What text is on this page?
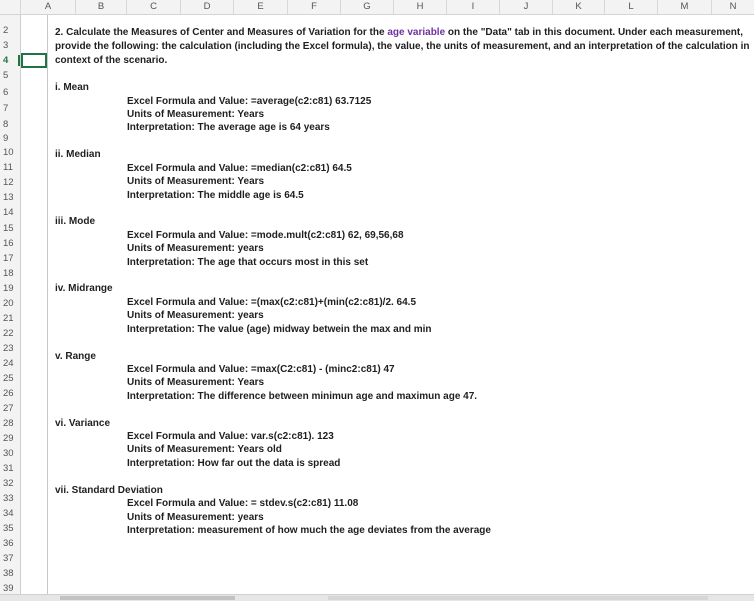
A	B	C	D	E	F	G	H	I	J	K	L	M	N
2
3
4
5
6
7
8
9
10
11
12
13
14
15
16
17
18
19
20
21
22
23
24
25
26
27
28
29
30
31
32
33
34
35
36
37
38
39
2. Calculate the Measures of Center and Measures of Variation for the age variable on the "Data" tab in this document. Under each measurement,
provide the following: the calculation (including the Excel formula), the value, the units of measurement, and an interpretation of the calculation in
context of the scenario.
i. Mean
Excel Formula and Value: =average(c2:c81) 63.7125
Units of Measurement: Years
Interpretation: The average age is 64 years
ii. Median
Excel Formula and Value: =median(c2:c81) 64.5
Units of Measurement: Years
Interpretation: The middle age is 64.5
iii. Mode
Excel Formula and Value: =mode.mult(c2:c81) 62, 69,56,68
Units of Measurement: years
Interpretation: The age that occurs most in this set
iv. Midrange
Excel Formula and Value: =(max(c2:c81)+(min(c2:c81)/2. 64.5
Units of Measurement: years
Interpretation: The value (age) midway betwein the max and min
v. Range
Excel Formula and Value: =max(C2:c81) - (minc2:c81) 47
Units of Measurement: Years
Interpretation: The difference between minimun age and maximun age 47.
vi. Variance
Excel Formula and Value: var.s(c2:c81). 123
Units of Measurement: Years old
Interpretation: How far out the data is spread
vii. Standard Deviation
Excel Formula and Value: = stdev.s(c2:c81) 11.08
Units of Measurement: years
Interpretation: measurement of how much the age deviates from the average
